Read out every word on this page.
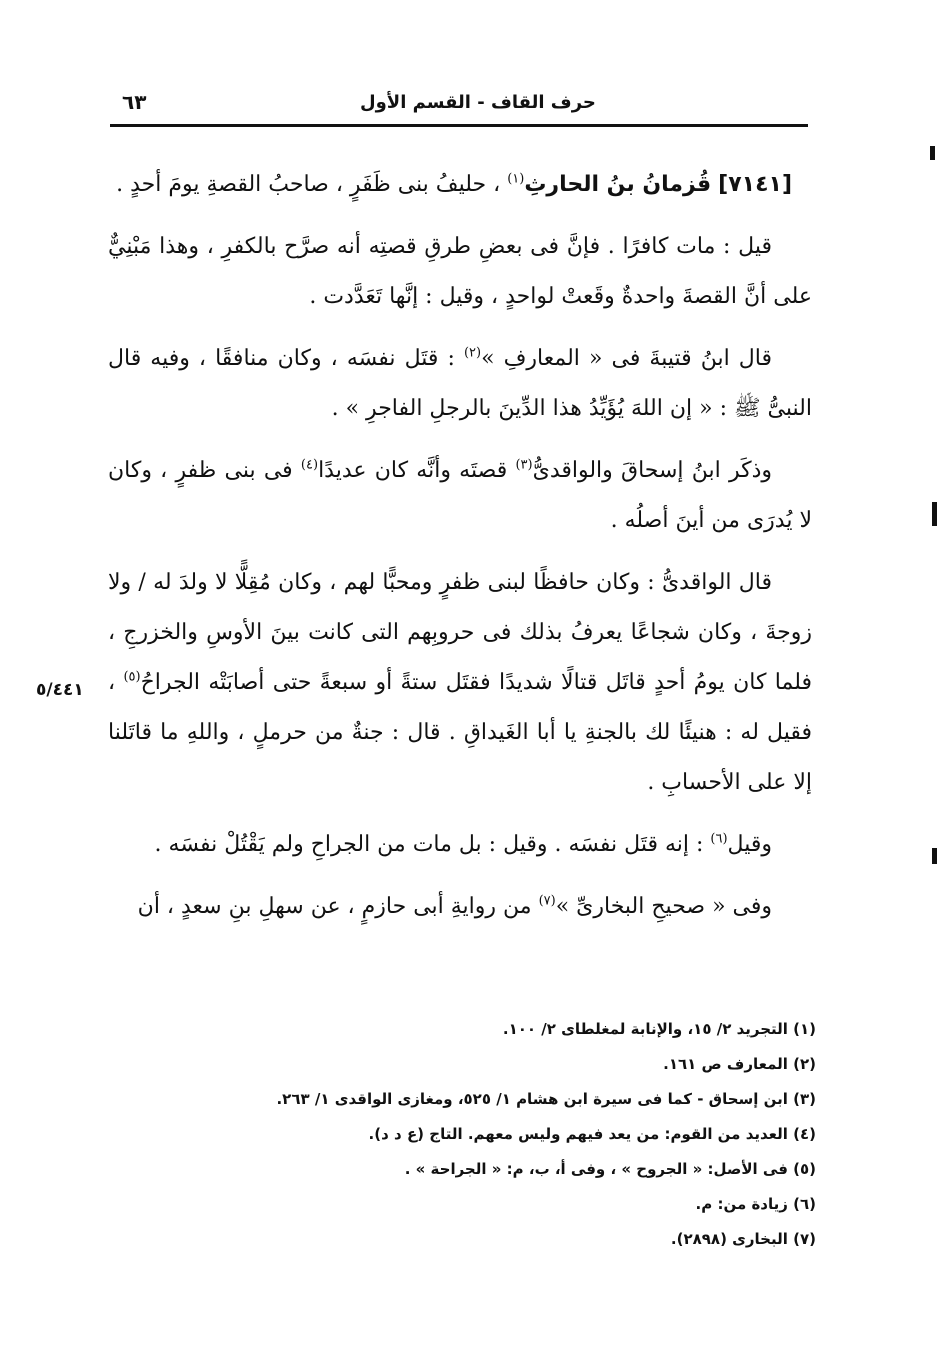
٦٣	حرف القاف - القسم الأول

[٧١٤١] قُزمانُ بنُ الحارثِ$^{(١)}$ ، حليفُ بنى ظَفَرٍ ، صاحبُ القصةِ يومَ أحدٍ .

قيل : مات كافرًا . فإنَّ فى بعضِ طرقِ قصتِه أنه صرَّح بالكفرِ ، وهذا مَبْنِيٌّ على أنَّ القصةَ واحدةٌ وقَعتْ لواحدٍ ، وقيل : إنَّها تَعَدَّدت .

قال ابنُ قتيبةَ فى « المعارفِ »$^{(٢)}$ : قتَل نفسَه ، وكان منافقًا ، وفيه قال النبىُّ ﷺ : « إن اللهَ يُؤَيِّدُ هذا الدِّينَ بالرجلِ الفاجرِ » .

وذكَر ابنُ إسحاقَ والواقدىُّ$^{(٣)}$ قصتَه وأنَّه كان عديدًا$^{(٤)}$ فى بنى ظفرٍ ، وكان لا يُدرَى من أينَ أصلُه .

قال الواقدىُّ : وكان حافظًا لبنى ظفرٍ ومحبًّا لهم ، وكان مُقِلًّا لا ولدَ له / ولا زوجةَ ، وكان شجاعًا يعرفُ بذلك فى حروبِهم التى كانت بينَ الأوسِ والخزرجِ ، فلما كان يومُ أحدٍ قاتَل قتالًا شديدًا فقتَل ستةً أو سبعةً حتى أصابَتْه الجراحُ$^{(٥)}$ ، فقيل له : هنيئًا لك بالجنةِ يا أبا الغَيداقِ . قال : جنةٌ من حرملٍ ، واللهِ ما قاتَلنا إلا على الأحسابِ .

وقيل$^{(٦)}$ : إنه قتَل نفسَه . وقيل : بل مات من الجراحِ ولم يَقْتُلْ نفسَه .

وفى « صحيحِ البخارىِّ »$^{(٧)}$ من روايةِ أبى حازمٍ ، عن سهلِ بنِ سعدٍ ، أن

٥/٤٤١
(١) التجريد ٢/ ١٥، والإنابة لمغلطاى ٢/ ١٠٠.
(٢) المعارف ص ١٦١.
(٣) ابن إسحاق - كما فى سيرة ابن هشام ١/ ٥٢٥، ومغازى الواقدى ١/ ٢٦٣.
(٤) العديد من القوم: من يعد فيهم وليس معهم. التاج (ع د د).
(٥) فى الأصل: « الجروح » ، وفى أ، ب، م: « الجراحة » .
(٦) زيادة من: م.
(٧) البخارى (٢٨٩٨).
